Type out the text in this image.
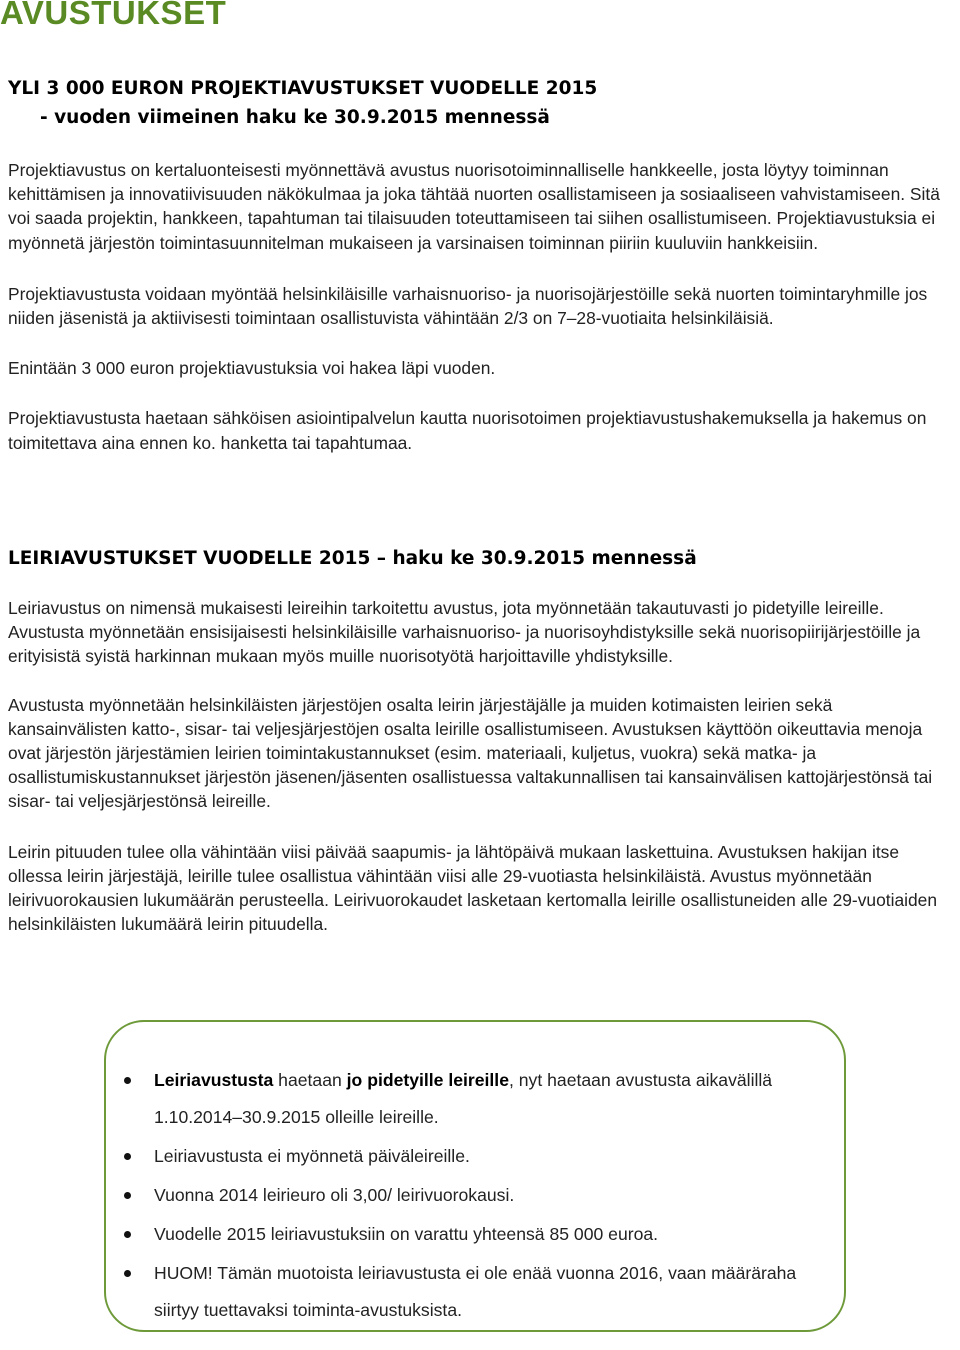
AVUSTUKSET
YLI 3 000 EURON PROJEKTIAVUSTUKSET VUODELLE 2015
- vuoden viimeinen haku ke 30.9.2015 mennessä

Projektiavustus on kertaluonteisesti myönnettävä avustus nuorisotoiminnalliselle hankkeelle, josta löytyy toiminnan kehittämisen ja innovatiivisuuden näkökulmaa ja joka tähtää nuorten osallistamiseen ja sosiaaliseen vahvistamiseen. Sitä voi saada projektin, hankkeen, tapahtuman tai tilaisuuden toteuttamiseen tai siihen osallistumiseen. Projektiavustuksia ei myönnetä järjestön toimintasuunnitelman mukaiseen ja varsinaisen toiminnan piiriin kuuluviin hankkeisiin.

Projektiavustusta voidaan myöntää helsinkiläisille varhaisnuoriso- ja nuorisojärjestöille sekä nuorten toimintaryhmille jos niiden jäsenistä ja aktiivisesti toimintaan osallistuvista vähintään 2/3 on 7–28-vuotiaita helsinkiläisiä.

Enintään 3 000 euron projektiavustuksia voi hakea läpi vuoden.

Projektiavustusta haetaan sähköisen asiointipalvelun kautta nuorisotoimen projektiavustushakemuksella ja hakemus on toimitettava aina ennen ko. hanketta tai tapahtumaa.

LEIRIAVUSTUKSET VUODELLE 2015 – haku ke 30.9.2015 mennessä

Leiriavustus on nimensä mukaisesti leireihin tarkoitettu avustus, jota myönnetään takautuvasti jo pidetyille leireille. Avustusta myönnetään ensisijaisesti helsinkiläisille varhaisnuoriso- ja nuorisoyhdistyksille sekä nuorisopiirijärjestöille ja erityisistä syistä harkinnan mukaan myös muille nuorisotyötä harjoittaville yhdistyksille.

Avustusta myönnetään helsinkiläisten järjestöjen osalta leirin järjestäjälle ja muiden kotimaisten leirien sekä kansainvälisten katto-, sisar- tai veljesjärjestöjen osalta leirille osallistumiseen. Avustuksen käyttöön oikeuttavia menoja ovat järjestön järjestämien leirien toimintakustannukset (esim. materiaali, kuljetus, vuokra) sekä matka- ja osallistumiskustannukset järjestön jäsenen/jäsenten osallistuessa valtakunnallisen tai kansainvälisen kattojärjestönsä tai sisar- tai veljesjärjestönsä leireille.

Leirin pituuden tulee olla vähintään viisi päivää saapumis- ja lähtöpäivä mukaan laskettuina. Avustuksen hakijan itse ollessa leirin järjestäjä, leirille tulee osallistua vähintään viisi alle 29-vuotiasta helsinkiläistä. Avustus myönnetään leirivuorokausien lukumäärän perusteella. Leirivuorokaudet lasketaan kertomalla leirille osallistuneiden alle 29-vuotiaiden helsinkiläisten lukumäärä leirin pituudella.

Leiriavustusta haetaan jo pidetyille leireille, nyt haetaan avustusta aikavälillä 1.10.2014–30.9.2015 olleille leireille.
Leiriavustusta ei myönnetä päiväleireille.
Vuonna 2014 leirieuro oli 3,00/ leirivuorokausi.
Vuodelle 2015 leiriavustuksiin on varattu yhteensä 85 000 euroa.
HUOM! Tämän muotoista leiriavustusta ei ole enää vuonna 2016, vaan määräraha siirtyy tuettavaksi toiminta-avustuksista.
